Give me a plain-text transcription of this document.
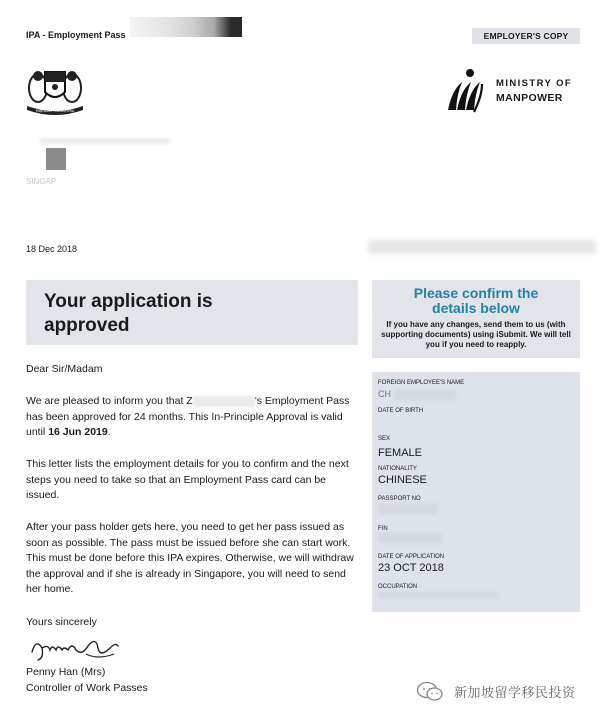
IPA - Employment Pass	EMPLOYER'S COPY
MAJULAH SINGAPURA
MINISTRY OF
MANPOWER
SINGAP
18 Dec 2018
Your application is approved
Please confirm the details below
If you have any changes, send them to us (with supporting documents) using iSubmit. We will tell you if you need to reapply.
FOREIGN EMPLOYEE'S NAME
CH
DATE OF BIRTH
SEX
FEMALE
NATIONALITY
CHINESE
PASSPORT NO
FIN
DATE OF APPLICATION
23 OCT 2018
OCCUPATION
Dear Sir/Madam
We are pleased to inform you that Z	's Employment Pass has been approved for 24 months. This In-Principle Approval is valid until 16 Jun 2019.
This letter lists the employment details for you to confirm and the next steps you need to take so that an Employment Pass card can be issued.
After your pass holder gets here, you need to get her pass issued as soon as possible. The pass must be issued before she can start work. This must be done before this IPA expires. Otherwise, we will withdraw the approval and if she is already in Singapore, you will need to send her home.
Yours sincerely
Penny Han (Mrs)
Controller of Work Passes	新加坡留学移民投资
